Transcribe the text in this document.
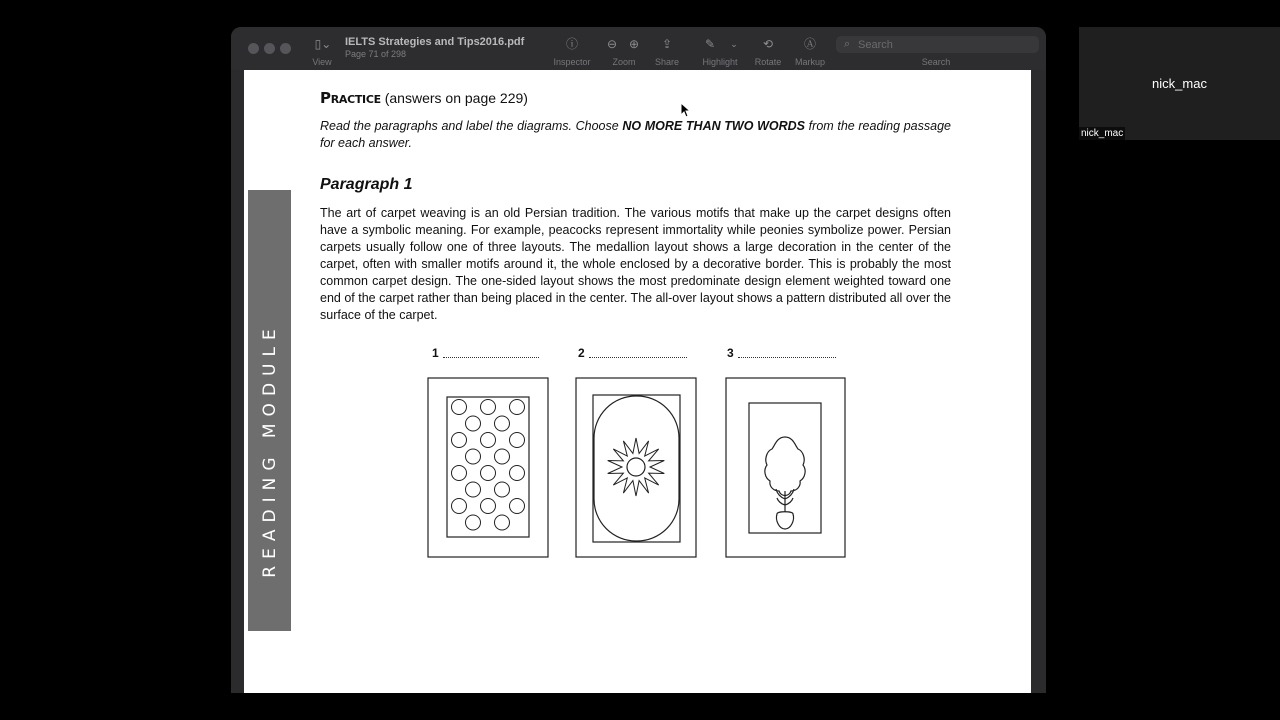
▯⌄
View
IELTS Strategies and Tips2016.pdf
Page 71 of 298
ⓘ
Inspector
⊖ ⊕
Zoom
⇪
Share
✎ ⌄
Highlight
⟲
Rotate
Ⓐ
Markup
⌕
Search
Search
READING MODULE
Practice (answers on page 229)
Read the paragraphs and label the diagrams. Choose NO MORE THAN TWO WORDS from the reading passage for each answer.
Paragraph 1
The art of carpet weaving is an old Persian tradition. The various motifs that make up the carpet designs often have a symbolic meaning. For example, peacocks represent immortality while peonies symbolize power. Persian carpets usually follow one of three layouts. The medallion layout shows a large decoration in the center of the carpet, often with smaller motifs around it, the whole enclosed by a decorative border. This is probably the most common carpet design. The one-sided layout shows the most predominate design element weighted toward one end of the carpet rather than being placed in the center. The all-over layout shows a pattern distributed all over the surface of the carpet.
1	2	3
nick_mac
nick_mac
